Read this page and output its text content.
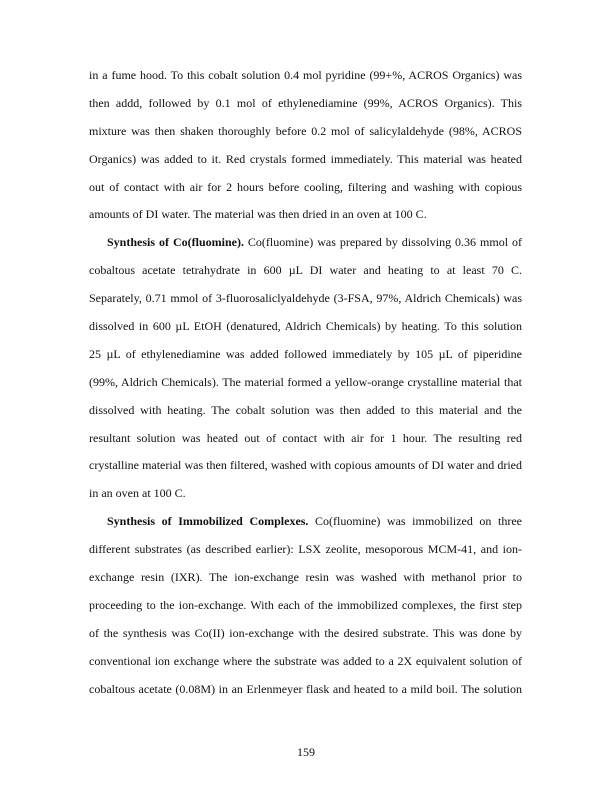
in a fume hood. To this cobalt solution 0.4 mol pyridine (99+%, ACROS Organics) was
then addd, followed by 0.1 mol of ethylenediamine (99%, ACROS Organics). This
mixture was then shaken thoroughly before 0.2 mol of salicylaldehyde (98%, ACROS
Organics) was added to it. Red crystals formed immediately. This material was heated
out of contact with air for 2 hours before cooling, filtering and washing with copious
amounts of DI water. The material was then dried in an oven at 100 C.
Synthesis of Co(fluomine). Co(fluomine) was prepared by dissolving 0.36 mmol of
cobaltous acetate tetrahydrate in 600 µL DI water and heating to at least 70 C.
Separately, 0.71 mmol of 3-fluorosaliclyaldehyde (3-FSA, 97%, Aldrich Chemicals) was
dissolved in 600 µL EtOH (denatured, Aldrich Chemicals) by heating. To this solution
25 µL of ethylenediamine was added followed immediately by 105 µL of piperidine
(99%, Aldrich Chemicals). The material formed a yellow-orange crystalline material that
dissolved with heating. The cobalt solution was then added to this material and the
resultant solution was heated out of contact with air for 1 hour. The resulting red
crystalline material was then filtered, washed with copious amounts of DI water and dried
in an oven at 100 C.
Synthesis of Immobilized Complexes. Co(fluomine) was immobilized on three
different substrates (as described earlier): LSX zeolite, mesoporous MCM-41, and ion-
exchange resin (IXR). The ion-exchange resin was washed with methanol prior to
proceeding to the ion-exchange. With each of the immobilized complexes, the first step
of the synthesis was Co(II) ion-exchange with the desired substrate. This was done by
conventional ion exchange where the substrate was added to a 2X equivalent solution of
cobaltous acetate (0.08M) in an Erlenmeyer flask and heated to a mild boil. The solution
159
